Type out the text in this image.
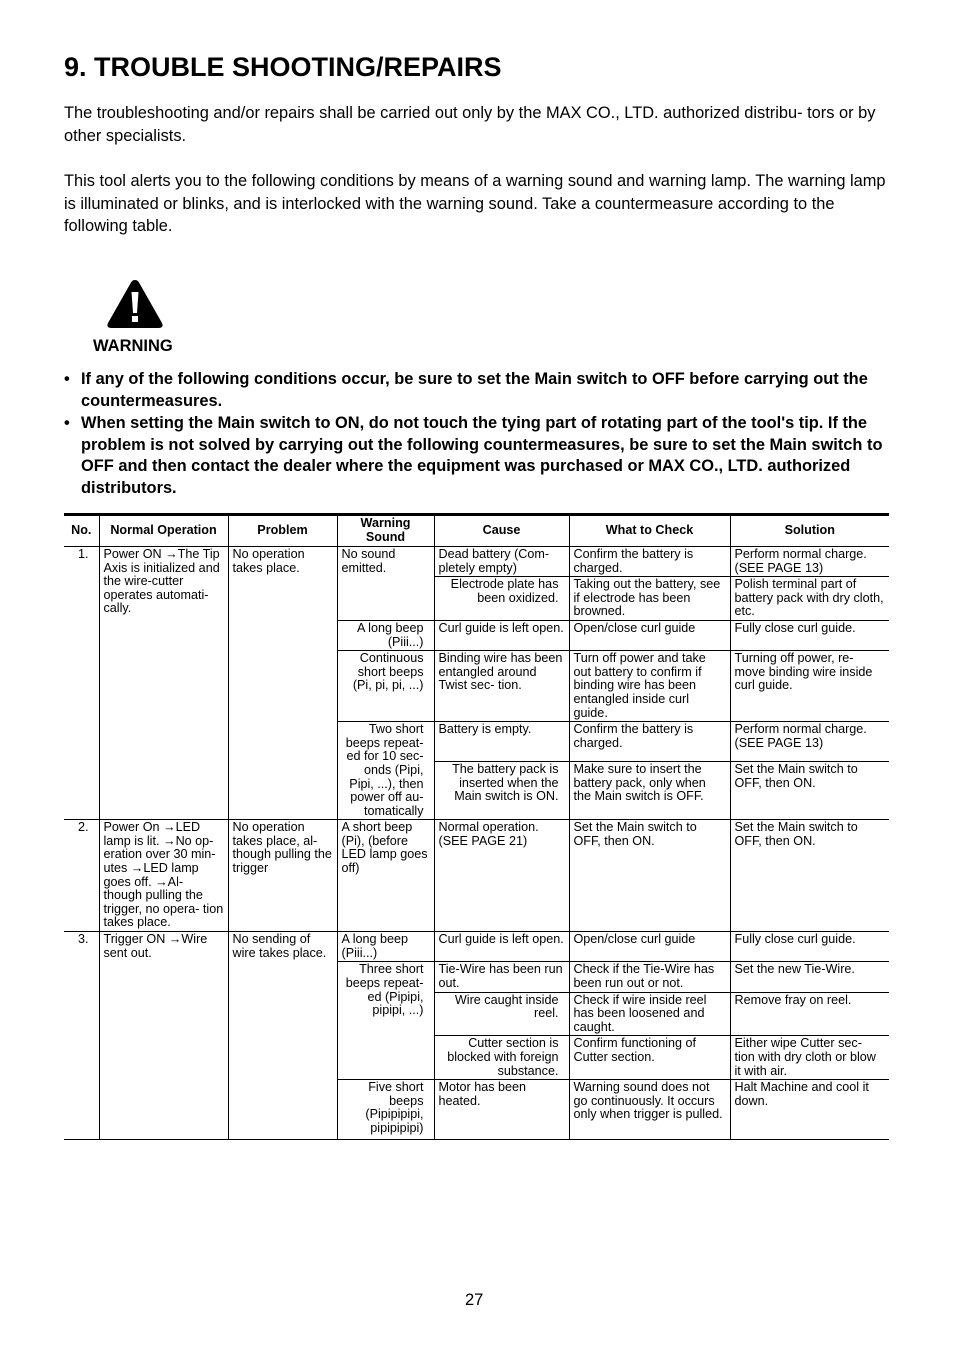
9. TROUBLE SHOOTING/REPAIRS

The troubleshooting and/or repairs shall be carried out only by the MAX CO., LTD. authorized distribu- tors or by other specialists.

This tool alerts you to the following conditions by means of a warning sound and warning lamp. The warning lamp is illuminated or blinks, and is interlocked with the warning sound. Take a countermeasure according to the following table.

WARNING
• If any of the following conditions occur, be sure to set the Main switch to OFF before carrying out the countermeasures.
• When setting the Main switch to ON, do not touch the tying part of rotating part of the tool's tip. If the problem is not solved by carrying out the following countermeasures, be sure to set the Main switch to OFF and then contact the dealer where the equipment was purchased or MAX CO., LTD. authorized distributors.
No.	Normal Operation	Problem	Warning Sound	Cause	What to Check	Solution
1.	Power ON →The Tip Axis is initialized and the wire-cutter operates automati- cally.	No operation takes place.	No sound emitted.	Dead battery (Com- pletely empty)	Confirm the battery is charged.	Perform normal charge. (SEE PAGE 13)
				Electrode plate has been oxidized.	Taking out the battery, see if electrode has been browned.	Polish terminal part of battery pack with dry cloth, etc.
			A long beep (Piii...)	Curl guide is left open.	Open/close curl guide	Fully close curl guide.
			Continuous short beeps (Pi, pi, pi, ...)	Binding wire has been entangled around Twist sec- tion.	Turn off power and take out battery to confirm if binding wire has been entangled inside curl guide.	Turning off power, re- move binding wire inside curl guide.
			Two short beeps repeat- ed for 10 sec- onds (Pipi, Pipi, ...), then power off au- tomatically	Battery is empty.	Confirm the battery is charged.	Perform normal charge. (SEE PAGE 13)
				The battery pack is inserted when the Main switch is ON.	Make sure to insert the battery pack, only when the Main switch is OFF.	Set the Main switch to OFF, then ON.
2.	Power On →LED lamp is lit. →No op- eration over 30 min- utes →LED lamp goes off. →Al- though pulling the trigger, no opera- tion takes place.	No operation takes place, al- though pulling the trigger	A short beep (Pi), (before LED lamp goes off)	Normal operation. (SEE PAGE 21)	Set the Main switch to OFF, then ON.	Set the Main switch to OFF, then ON.
3.	Trigger ON →Wire sent out.	No sending of wire takes place.	A long beep (Piii...)	Curl guide is left open.	Open/close curl guide	Fully close curl guide.
			Three short beeps repeat- ed (Pipipi, pipipi, ...)	Tie-Wire has been run out.	Check if the Tie-Wire has been run out or not.	Set the new Tie-Wire.
				Wire caught inside reel.	Check if wire inside reel has been loosened and caught.	Remove fray on reel.
				Cutter section is blocked with foreign substance.	Confirm functioning of Cutter section.	Either wipe Cutter sec- tion with dry cloth or blow it with air.
			Five short beeps (Pipipipipi, pipipipipi)	Motor has been heated.	Warning sound does not go continuously. It occurs only when trigger is pulled.	Halt Machine and cool it down.
27
